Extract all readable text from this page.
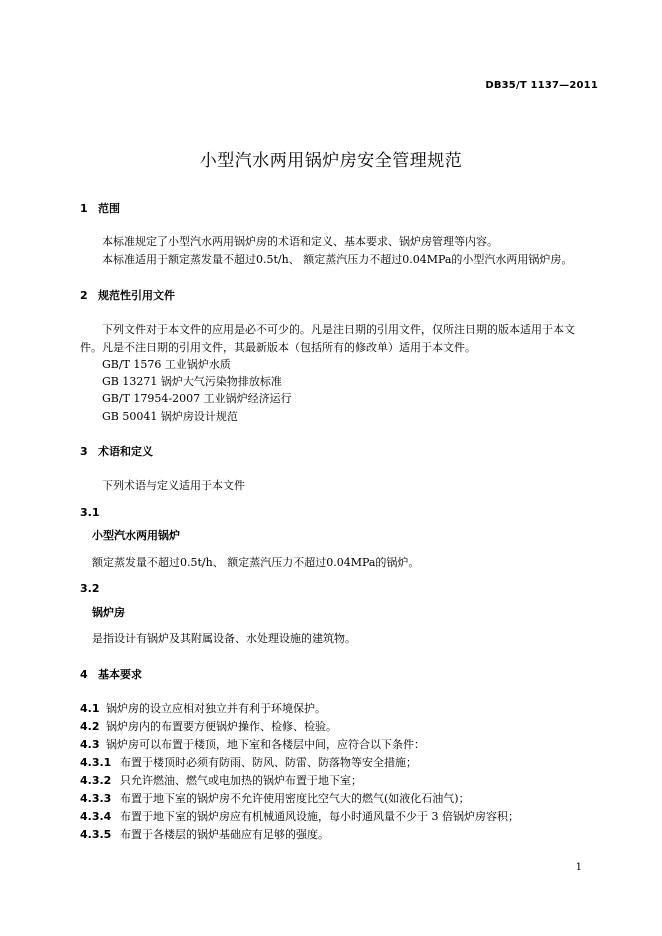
DB35/T 1137—2011
小型汽水两用锅炉房安全管理规范
1 范围
本标准规定了小型汽水两用锅炉房的术语和定义、基本要求、锅炉房管理等内容。
本标准适用于额定蒸发量不超过0.5t/h、 额定蒸汽压力不超过0.04MPa的小型汽水两用锅炉房。
2 规范性引用文件
下列文件对于本文件的应用是必不可少的。凡是注日期的引用文件，仅所注日期的版本适用于本文
件。凡是不注日期的引用文件，其最新版本（包括所有的修改单）适用于本文件。
GB/T 1576 工业锅炉水质
GB 13271 锅炉大气污染物排放标准
GB/T 17954-2007 工业锅炉经济运行
GB 50041 锅炉房设计规范
3 术语和定义
下列术语与定义适用于本文件
3.1
小型汽水两用锅炉
额定蒸发量不超过0.5t/h、 额定蒸汽压力不超过0.04MPa的锅炉。
3.2
锅炉房
是指设计有锅炉及其附属设备、水处理设施的建筑物。
4 基本要求
4.1 锅炉房的设立应相对独立并有利于环境保护。
4.2 锅炉房内的布置要方便锅炉操作、检修、检验。
4.3 锅炉房可以布置于楼顶，地下室和各楼层中间，应符合以下条件：
4.3.1 布置于楼顶时必须有防雨、防风、防雷、防落物等安全措施；
4.3.2 只允许燃油、燃气或电加热的锅炉布置于地下室；
4.3.3 布置于地下室的锅炉房不允许使用密度比空气大的燃气(如液化石油气)；
4.3.4 布置于地下室的锅炉房应有机械通风设施，每小时通风量不少于 3 倍锅炉房容积；
4.3.5 布置于各楼层的锅炉基础应有足够的强度。
1
